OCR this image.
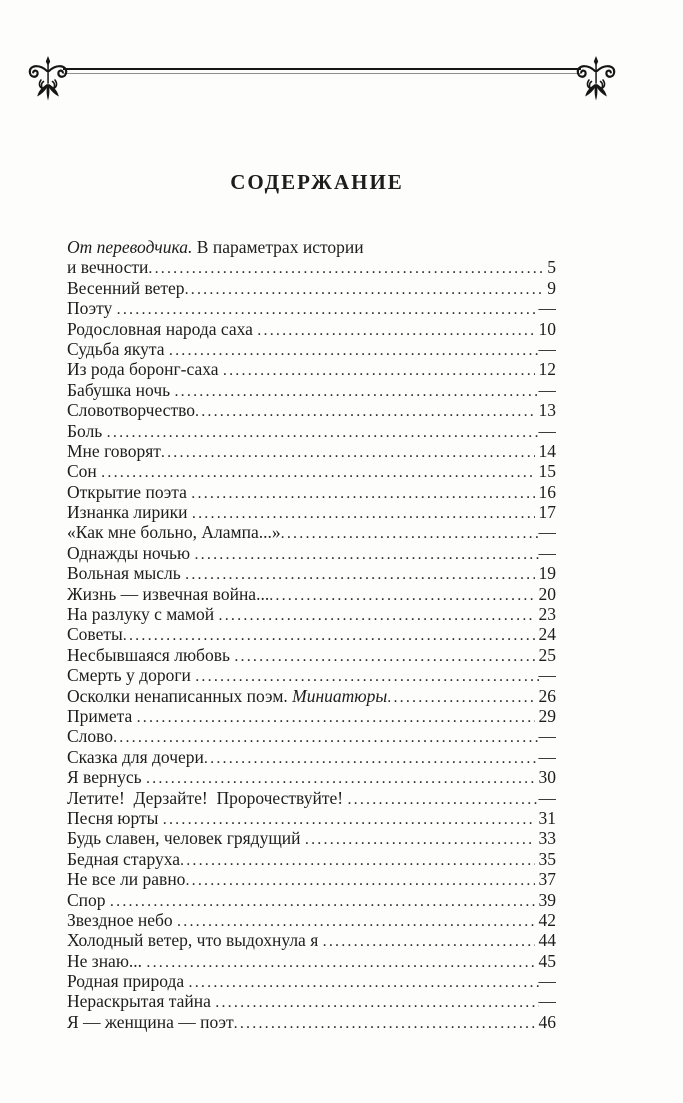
СОДЕРЖАНИЕ
От переводчика. В параметрах истории
и вечности .....	5
Весенний ветер .....	9
Поэту .....	—
Родословная народа саха .....	10
Судьба якута .....	—
Из рода боронг-саха .....	12
Бабушка ночь .....	—
Словотворчество .....	13
Боль .....	—
Мне говорят .....	14
Сон .....	15
Открытие поэта .....	16
Изнанка лирики .....	17
«Как мне больно, Алампа...» .....	—
Однажды ночью .....	—
Вольная мысль .....	19
Жизнь — извечная война... .....	20
На разлуку с мамой .....	23
Советы .....	24
Несбывшаяся любовь .....	25
Смерть у дороги .....	—
Осколки ненаписанных поэм. Миниатюры .....	26
Примета .....	29
Слово .....	—
Сказка для дочери .....	—
Я вернусь .....	30
Летите!  Дерзайте!  Пророчествуйте! .....	—
Песня юрты .....	31
Будь славен, человек грядущий .....	33
Бедная старуха .....	35
Не все ли равно .....	37
Спор .....	39
Звездное небо .....	42
Холодный ветер, что выдохнула я .....	44
Не знаю... .....	45
Родная природа .....	—
Нераскрытая тайна .....	—
Я — женщина — поэт .....	46
